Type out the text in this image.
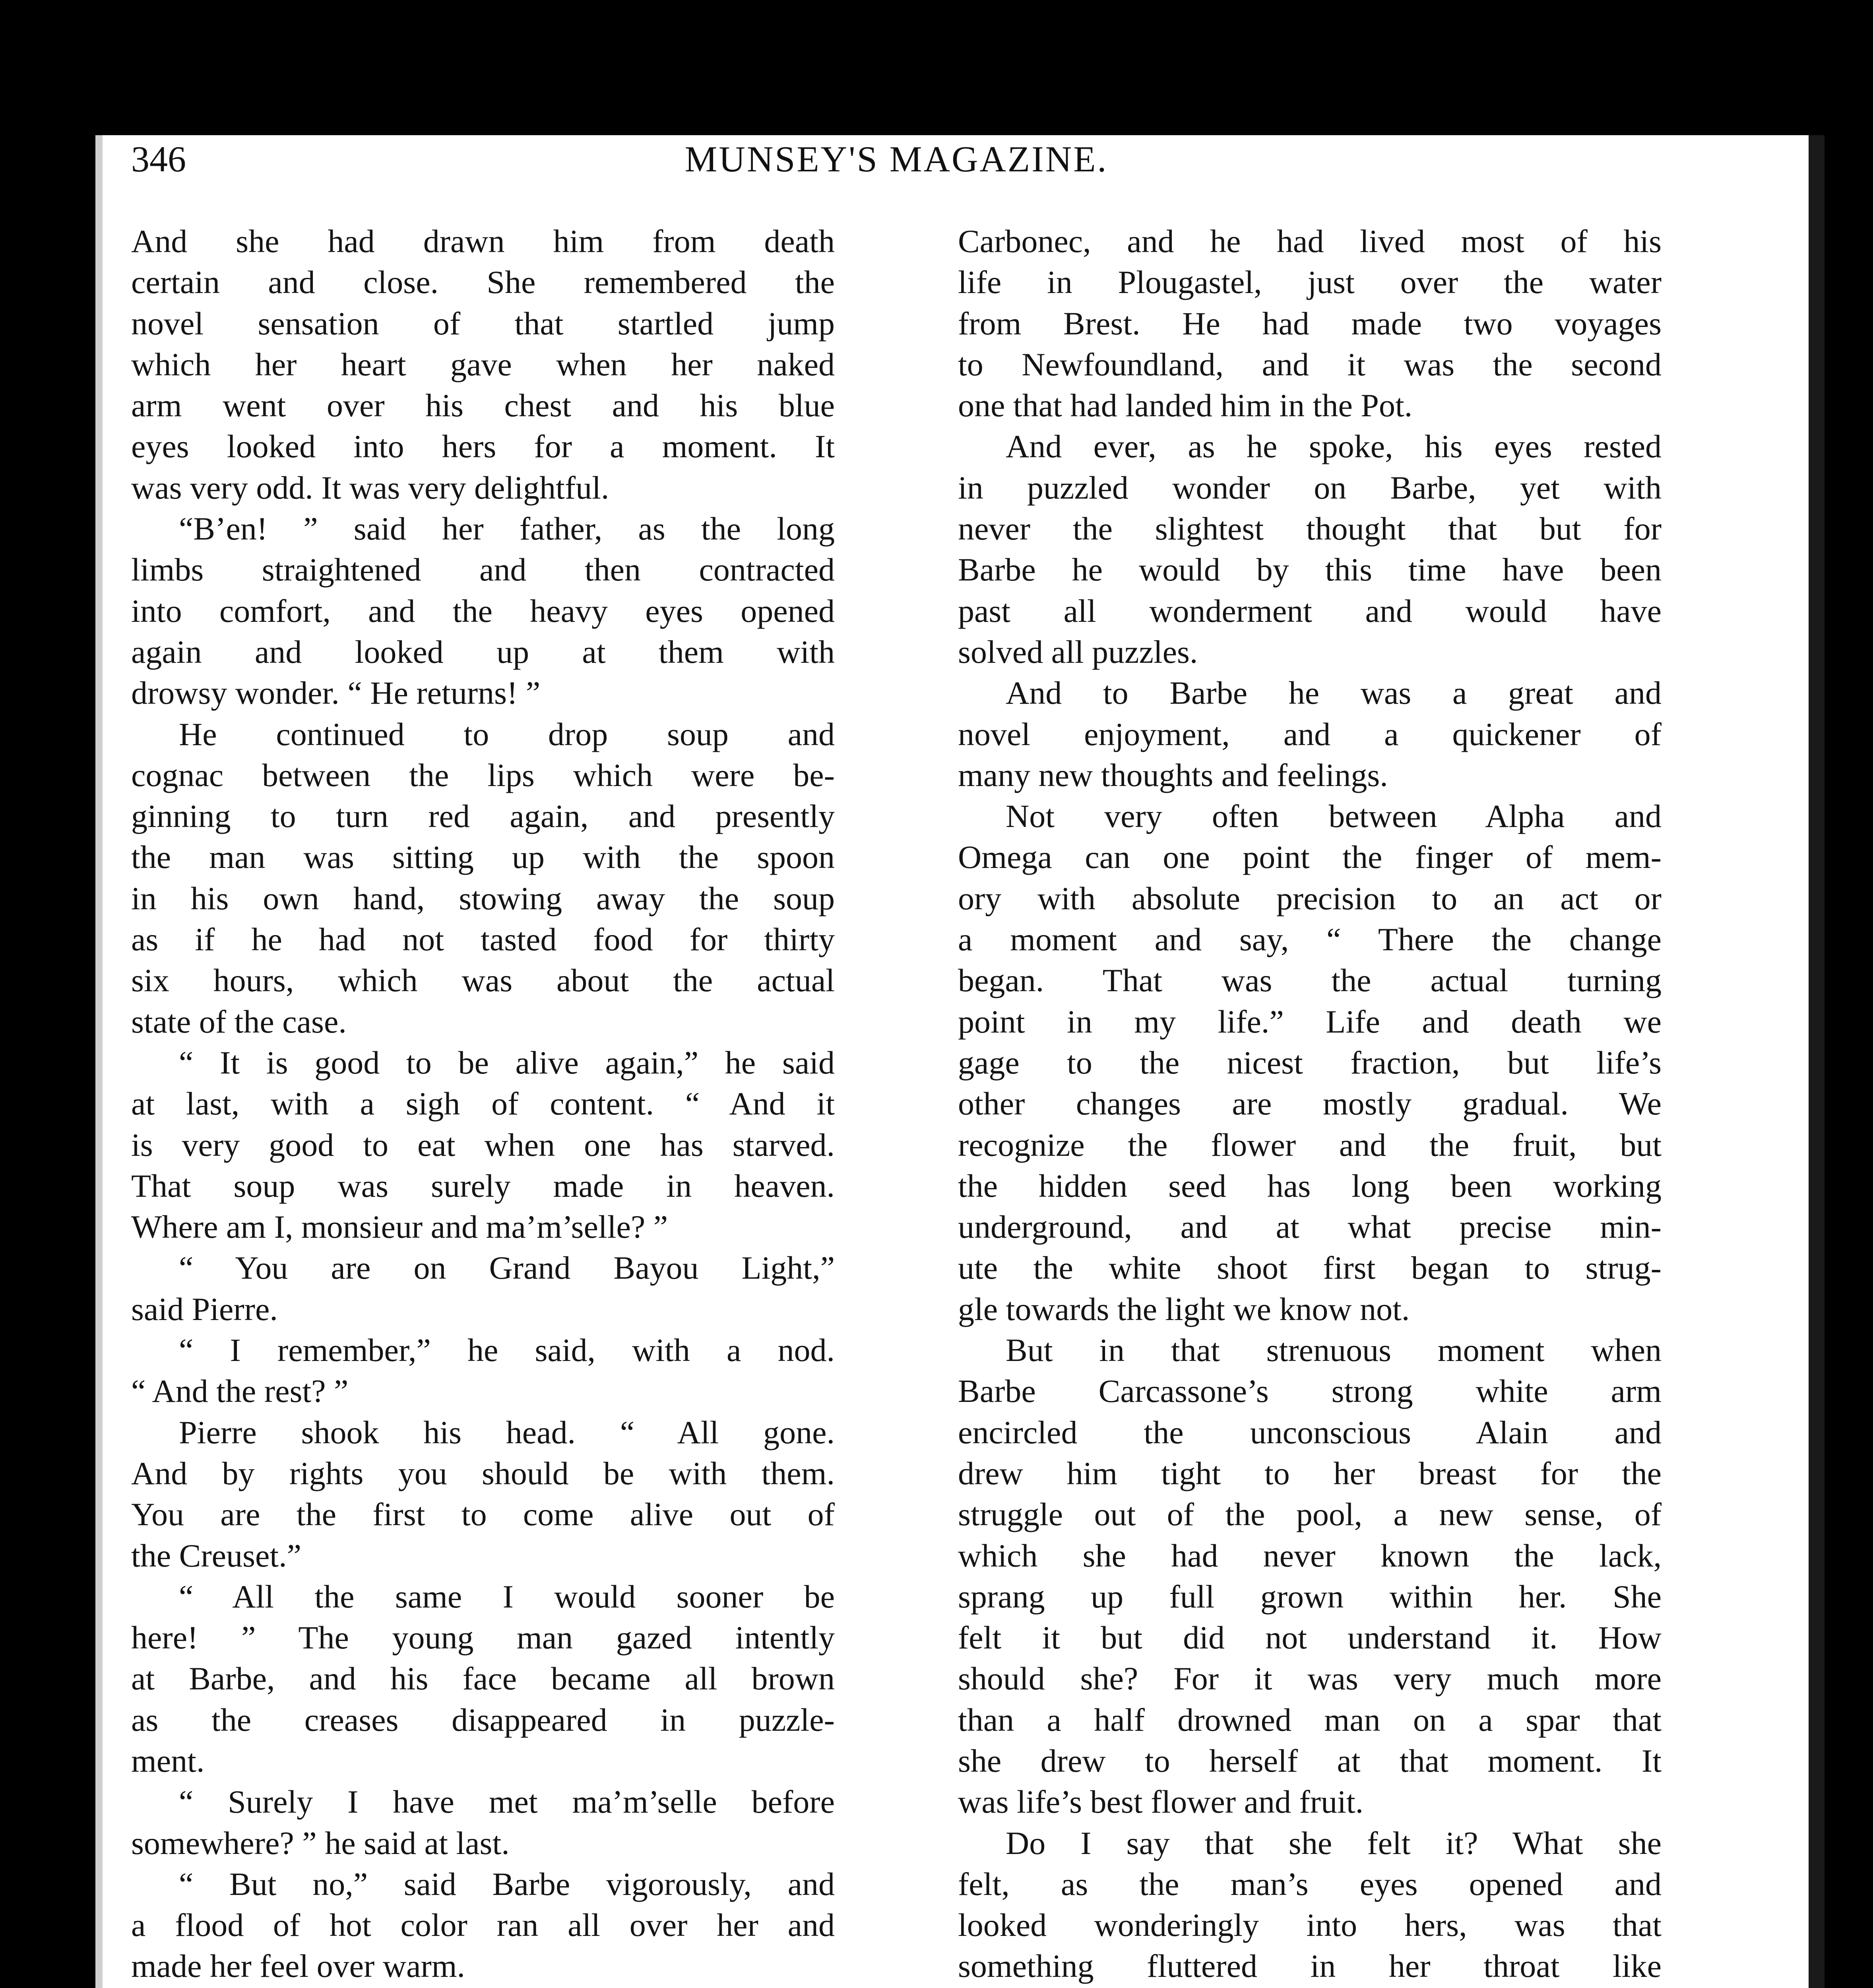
346	MUNSEY'S MAGAZINE.
And she had drawn him from death
certain and close. She remembered the
novel sensation of that startled jump
which her heart gave when her naked
arm went over his chest and his blue
eyes looked into hers for a moment. It
was very odd. It was very delightful.
“B’en! ” said her father, as the long
limbs straightened and then contracted
into comfort, and the heavy eyes opened
again and looked up at them with
drowsy wonder. “ He returns! ”
He continued to drop soup and
cognac between the lips which were be-
ginning to turn red again, and presently
the man was sitting up with the spoon
in his own hand, stowing away the soup
as if he had not tasted food for thirty
six hours, which was about the actual
state of the case.
“ It is good to be alive again,” he said
at last, with a sigh of content. “ And it
is very good to eat when one has starved.
That soup was surely made in heaven.
Where am I, monsieur and ma’m’selle? ”
“ You are on Grand Bayou Light,”
said Pierre.
“ I remember,” he said, with a nod.
“ And the rest? ”
Pierre shook his head. “ All gone.
And by rights you should be with them.
You are the first to come alive out of
the Creuset.”
“ All the same I would sooner be
here! ” The young man gazed intently
at Barbe, and his face became all brown
as the creases disappeared in puzzle-
ment.
“ Surely I have met ma’m’selle before
somewhere? ” he said at last.
“ But no,” said Barbe vigorously, and
a flood of hot color ran all over her and
made her feel over warm.
Carbonec, and he had lived most of his
life in Plougastel, just over the water
from Brest. He had made two voyages
to Newfoundland, and it was the second
one that had landed him in the Pot.
And ever, as he spoke, his eyes rested
in puzzled wonder on Barbe, yet with
never the slightest thought that but for
Barbe he would by this time have been
past all wonderment and would have
solved all puzzles.
And to Barbe he was a great and
novel enjoyment, and a quickener of
many new thoughts and feelings.
Not very often between Alpha and
Omega can one point the finger of mem-
ory with absolute precision to an act or
a moment and say, “ There the change
began. That was the actual turning
point in my life.” Life and death we
gage to the nicest fraction, but life’s
other changes are mostly gradual. We
recognize the flower and the fruit, but
the hidden seed has long been working
underground, and at what precise min-
ute the white shoot first began to strug-
gle towards the light we know not.
But in that strenuous moment when
Barbe Carcassone’s strong white arm
encircled the unconscious Alain and
drew him tight to her breast for the
struggle out of the pool, a new sense, of
which she had never known the lack,
sprang up full grown within her. She
felt it but did not understand it. How
should she? For it was very much more
than a half drowned man on a spar that
she drew to herself at that moment. It
was life’s best flower and fruit.
Do I say that she felt it? What she
felt, as the man’s eyes opened and
looked wonderingly into hers, was that
something fluttered in her throat like
